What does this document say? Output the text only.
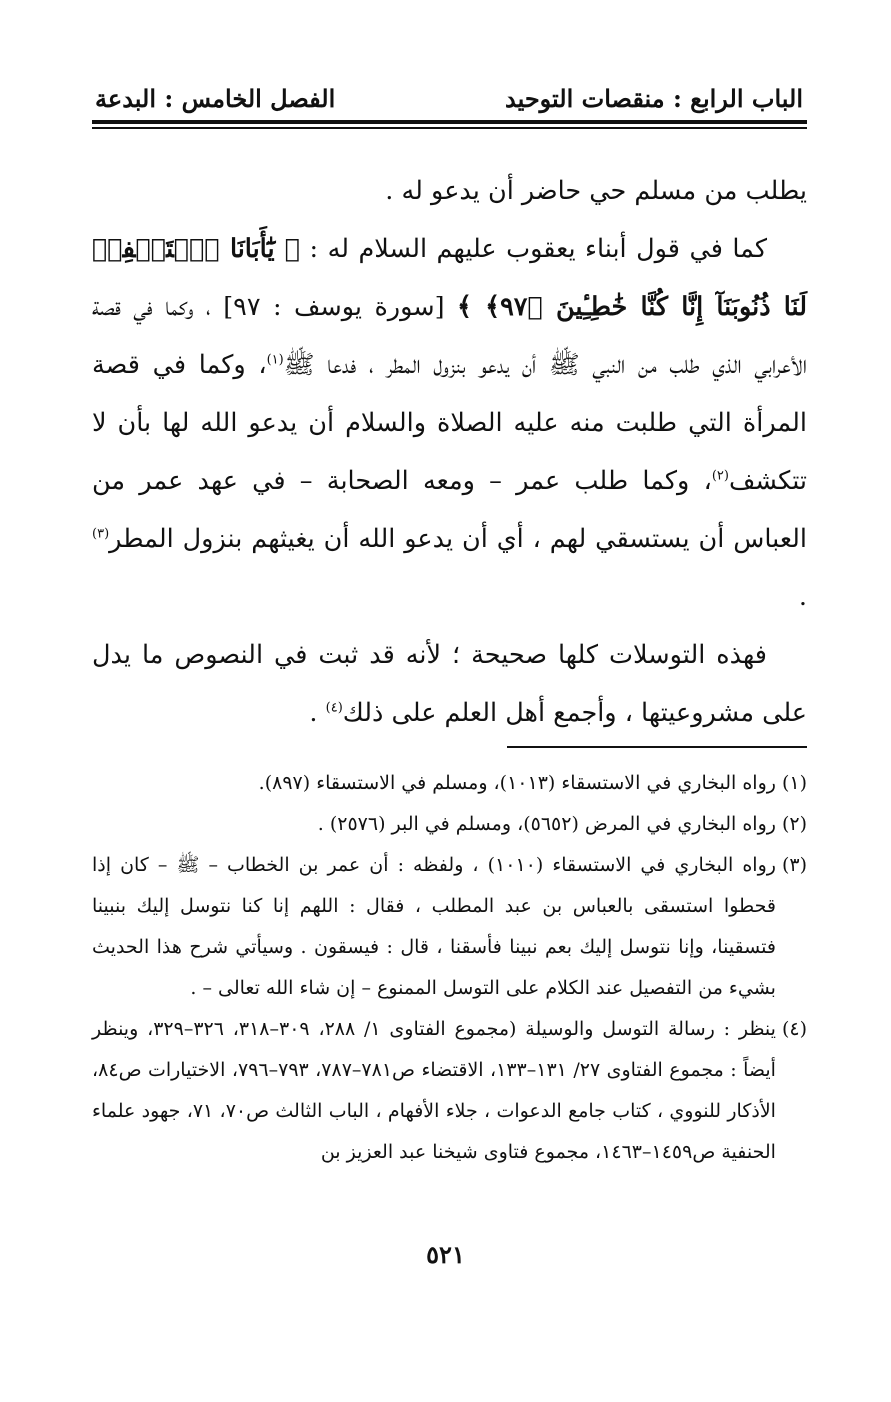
الباب الرابع : منقصات التوحيد
الفصل الخامس : البدعة

يطلب من مسلم حي حاضر أن يدعو له .

كما في قول أبناء يعقوب عليهم السلام له : ﴿ يَٰٓأَبَانَا ٱسۡتَغۡفِرۡ لَنَا ذُنُوبَنَآ إِنَّا كُنَّا خَٰطِـِٔينَ ﴿٩٧﴾ ﴾ [سورة يوسف : ٩٧] ، وكما في قصة الأعرابي الذي طلب من النبي ﷺ أن يدعو بنزول المطر ، فدعا ﷺ$^{(١)}$، وكما في قصة المرأة التي طلبت منه عليه الصلاة والسلام أن يدعو الله لها بأن لا تتكشف$^{(٢)}$، وكما طلب عمر – ومعه الصحابة – في عهد عمر من العباس أن يستسقي لهم ، أي أن يدعو الله أن يغيثهم بنزول المطر$^{(٣)}$ .

فهذه التوسلات كلها صحيحة ؛ لأنه قد ثبت في النصوص ما يدل على مشروعيتها ، وأجمع أهل العلم على ذلك$^{(٤)}$ .

(١)
رواه البخاري في الاستسقاء (١٠١٣)، ومسلم في الاستسقاء (٨٩٧).

(٢)
رواه البخاري في المرض (٥٦٥٢)، ومسلم في البر (٢٥٧٦) .

(٣)
رواه البخاري في الاستسقاء (١٠١٠) ، ولفظه : أن عمر بن الخطاب – ﷺ – كان إذا قحطوا استسقى بالعباس بن عبد المطلب ، فقال : اللهم إنا كنا نتوسل إليك بنبينا فتسقينا، وإنا نتوسل إليك بعم نبينا فأسقنا ، قال : فيسقون . وسيأتي شرح هذا الحديث بشيء من التفصيل عند الكلام على التوسل الممنوع – إن شاء الله تعالى – .

(٤)
ينظر : رسالة التوسل والوسيلة (مجموع الفتاوى ١/ ٢٨٨، ٣٠٩–٣١٨، ٣٢٦–٣٢٩، وينظر أيضاً : مجموع الفتاوى ٢٧/ ١٣١–١٣٣، الاقتضاء ص٧٨١–٧٨٧، ٧٩٣–٧٩٦، الاختيارات ص٨٤، الأذكار للنووي ، كتاب جامع الدعوات ، جلاء الأفهام ، الباب الثالث ص٧٠، ٧١، جهود علماء الحنفية ص١٤٥٩–١٤٦٣، مجموع فتاوى شيخنا عبد العزيز بن

٥٢١
